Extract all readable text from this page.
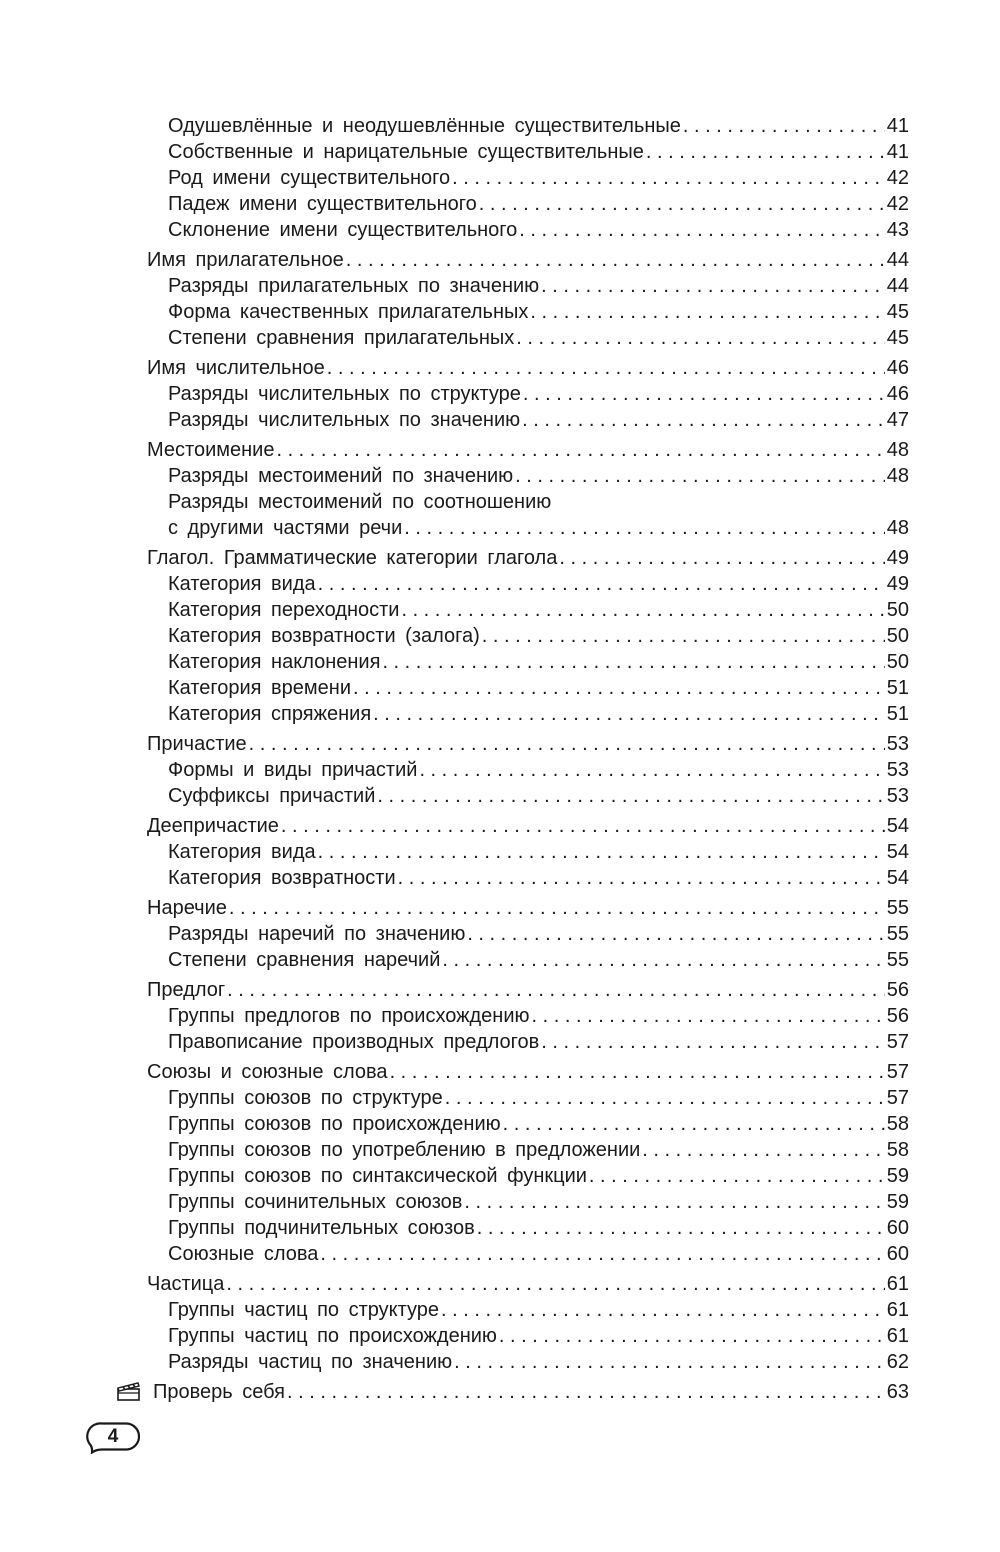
Одушевлённые и неодушевлённые существительные . . .	41
Собственные и нарицательные существительные . . .	41
Род имени существительного . . .	42
Падеж имени существительного . . .	42
Склонение имени существительного . . .	43
Имя прилагательное . . .	44
Разряды прилагательных по значению . . .	44
Форма качественных прилагательных . . .	45
Степени сравнения прилагательных . . .	45
Имя числительное . . .	46
Разряды числительных по структуре . . .	46
Разряды числительных по значению . . .	47
Местоимение . . .	48
Разряды местоимений по значению . . .	48
Разряды местоимений по соотношению
с другими частями речи . . .	48
Глагол. Грамматические категории глагола . . .	49
Категория вида . . .	49
Категория переходности . . .	50
Категория возвратности (залога) . . .	50
Категория наклонения . . .	50
Категория времени . . .	51
Категория спряжения . . .	51
Причастие . . .	53
Формы и виды причастий . . .	53
Суффиксы причастий . . .	53
Деепричастие . . .	54
Категория вида . . .	54
Категория возвратности . . .	54
Наречие . . .	55
Разряды наречий по значению . . .	55
Степени сравнения наречий . . .	55
Предлог . . .	56
Группы предлогов по происхождению . . .	56
Правописание производных предлогов . . .	57
Союзы и союзные слова . . .	57
Группы союзов по структуре . . .	57
Группы союзов по происхождению . . .	58
Группы союзов по употреблению в предложении . . .	58
Группы союзов по синтаксической функции . . .	59
Группы сочинительных союзов . . .	59
Группы подчинительных союзов . . .	60
Союзные слова . . .	60
Частица . . .	61
Группы частиц по структуре . . .	61
Группы частиц по происхождению . . .	61
Разряды частиц по значению . . .	62
Проверь себя . . .	63
4
